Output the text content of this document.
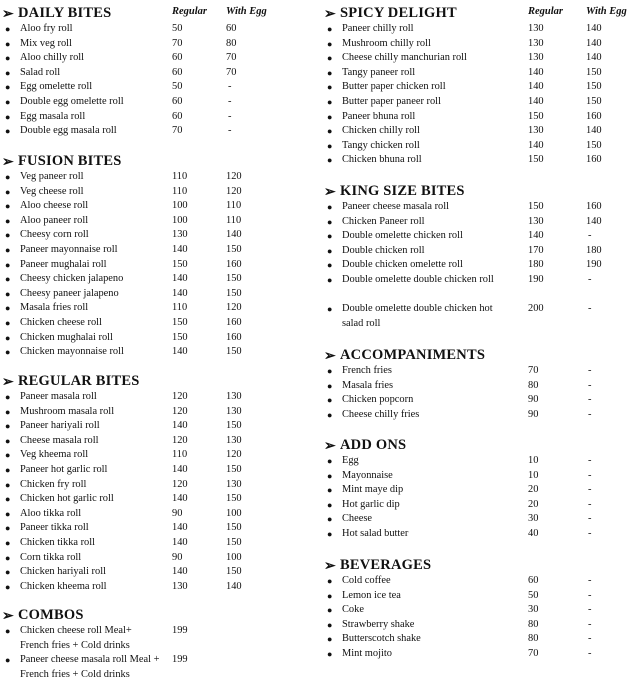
➢ DAILY BITES	Regular With Egg
● Aloo fry roll	50	60
● Mix veg roll	70	80
● Aloo chilly roll	60	70
● Salad roll	60	70
● Egg omelette roll	50	-
● Double egg omelette roll	60	-
● Egg masala roll	60	-
● Double egg masala roll	70	-
➢ FUSION BITES
● Veg paneer roll	110	120
● Veg cheese roll	110	120
● Aloo cheese roll	100	110
● Aloo paneer roll	100	110
● Cheesy corn roll	130	140
● Paneer mayonnaise roll	140	150
● Paneer mughalai roll	150	160
● Cheesy chicken jalapeno	140	150
● Cheesy paneer jalapeno	140	150
● Masala fries roll	110	120
● Chicken cheese roll	150	160
● Chicken mughalai roll	150	160
● Chicken mayonnaise roll	140	150
➢ REGULAR BITES
● Paneer masala roll	120	130
● Mushroom masala roll	120	130
● Paneer hariyali roll	140	150
● Cheese masala roll	120	130
● Veg kheema roll	110	120
● Paneer hot garlic roll	140	150
● Chicken fry roll	120	130
● Chicken hot garlic roll	140	150
● Aloo tikka roll	90	100
● Paneer tikka roll	140	150
● Chicken tikka roll	140	150
● Corn tikka roll	90	100
● Chicken hariyali roll	140	150
● Chicken kheema roll	130	140
➢ COMBOS
● Chicken cheese roll Meal+ French fries + Cold drinks
199
● Paneer cheese masala roll Meal + French fries + Cold drinks
199
➢ SPICY DELIGHT	Regular With Egg
● Paneer chilly roll	130	140
● Mushroom chilly roll	130	140
● Cheese chilly manchurian roll	130	140
● Tangy paneer roll	140	150
● Butter paper chicken roll	140	150
● Butter paper paneer roll	140	150
● Paneer bhuna roll	150	160
● Chicken chilly roll	130	140
● Tangy chicken roll	140	150
● Chicken bhuna roll	150	160
➢ KING SIZE BITES
● Paneer cheese masala roll	150	160
● Chicken Paneer roll	130	140
● Double omelette chicken roll	140	-
● Double chicken roll	170	180
● Double chicken omelette roll	180	190
● Double omelette double chicken roll	190	-
● Double omelette double chicken hot salad roll
200	-
➢ ACCOMPANIMENTS
● French fries	70	-
● Masala fries	80	-
● Chicken popcorn	90	-
● Cheese chilly fries	90	-
➢ ADD ONS
● Egg	10	-
● Mayonnaise	10	-
● Mint maye dip	20	-
● Hot garlic dip	20	-
● Cheese	30	-
● Hot salad butter	40	-
➢ BEVERAGES
● Cold coffee	60	-
● Lemon ice tea	50	-
● Coke	30	-
● Strawberry shake	80	-
● Butterscotch shake	80	-
● Mint mojito	70	-
